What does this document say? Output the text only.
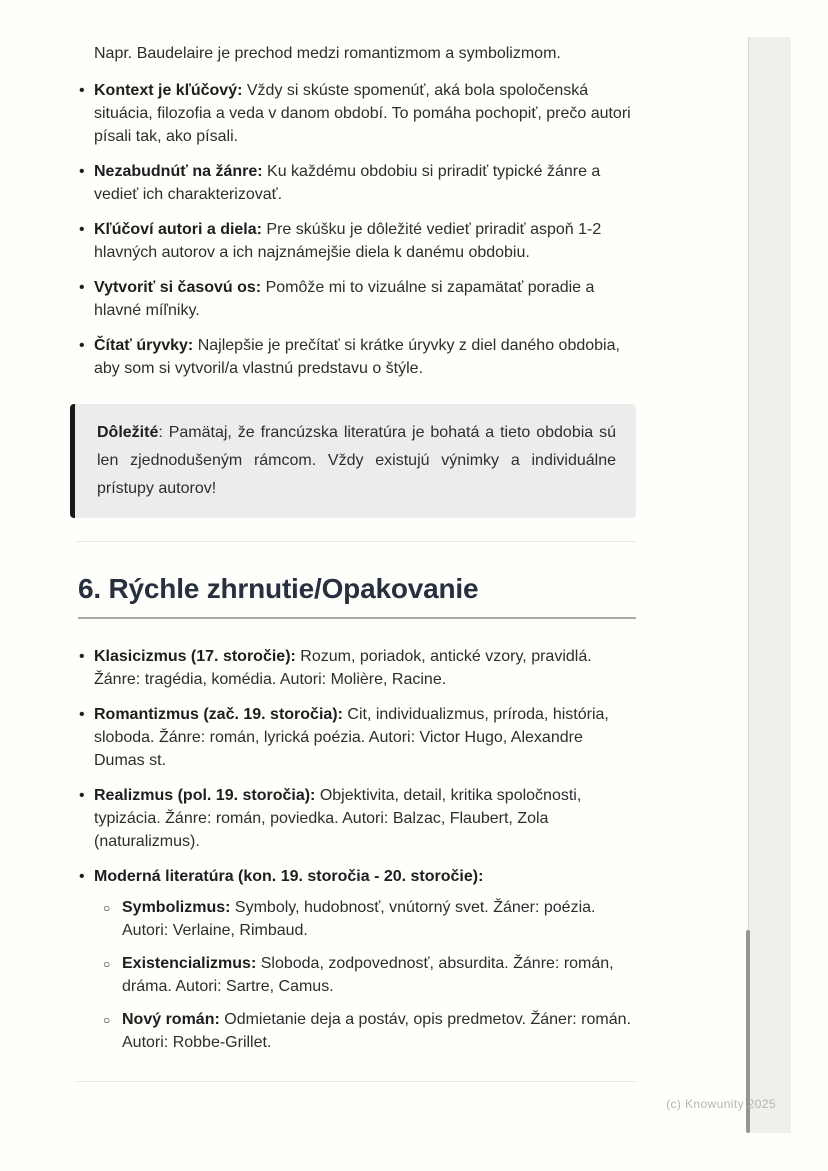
Napr. Baudelaire je prechod medzi romantizmom a symbolizmom.

• Kontext je kľúčový: Vždy si skúste spomenúť, aká bola spoločenská situácia, filozofia a veda v danom období. To pomáha pochopiť, prečo autori písali tak, ako písali.
• Nezabudnúť na žánre: Ku každému obdobiu si priradiť typické žánre a vedieť ich charakterizovať.
• Kľúčoví autori a diela: Pre skúšku je dôležité vedieť priradiť aspoň 1-2 hlavných autorov a ich najznámejšie diela k danému obdobiu.
• Vytvoriť si časovú os: Pomôže mi to vizuálne si zapamätať poradie a hlavné míľniky.
• Čítať úryvky: Najlepšie je prečítať si krátke úryvky z diel daného obdobia, aby som si vytvoril/a vlastnú predstavu o štýle.

Dôležité: Pamätaj, že francúzska literatúra je bohatá a tieto obdobia sú len zjednodušeným rámcom. Vždy existujú výnimky a individuálne prístupy autorov!

6. Rýchle zhrnutie/Opakovanie
• Klasicizmus (17. storočie): Rozum, poriadok, antické vzory, pravidlá. Žánre: tragédia, komédia. Autori: Molière, Racine.
• Romantizmus (zač. 19. storočia): Cit, individualizmus, príroda, história, sloboda. Žánre: román, lyrická poézia. Autori: Victor Hugo, Alexandre Dumas st.
• Realizmus (pol. 19. storočia): Objektivita, detail, kritika spoločnosti, typizácia. Žánre: román, poviedka. Autori: Balzac, Flaubert, Zola (naturalizmus).
• Moderná literatúra (kon. 19. storočia - 20. storočie):
○ Symbolizmus: Symboly, hudobnosť, vnútorný svet. Žáner: poézia. Autori: Verlaine, Rimbaud.
○ Existencializmus: Sloboda, zodpovednosť, absurdita. Žánre: román, dráma. Autori: Sartre, Camus.
○ Nový román: Odmietanie deja a postáv, opis predmetov. Žáner: román. Autori: Robbe-Grillet.
(c) Knowunity 2025
